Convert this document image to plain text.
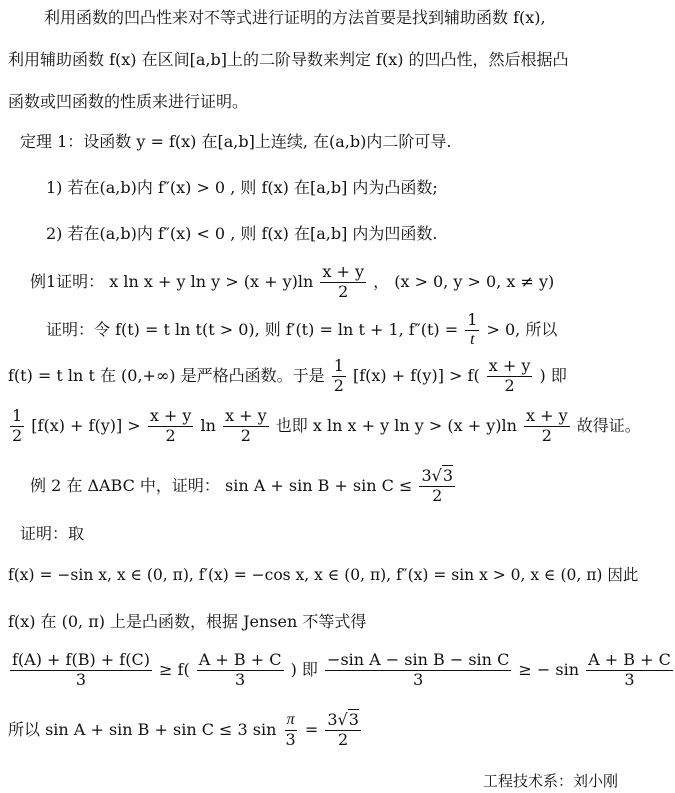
利用函数的凹凸性来对不等式进行证明的方法首要是找到辅助函数 f(x),
利用辅助函数 f(x) 在区间[a,b]上的二阶导数来判定 f(x) 的凹凸性，然后根据凸
函数或凹函数的性质来进行证明。
定理 1：设函数 y = f(x) 在[a,b]上连续, 在(a,b)内二阶可导.
1) 若在(a,b)内 f″(x) > 0 , 则 f(x) 在[a,b] 内为凸函数;
2) 若在(a,b)内 f″(x) < 0 , 则 f(x) 在[a,b] 内为凹函数.
例1证明： x ln x + y $\ln y > (x + y)\ln \frac{x + y}{2}$ ， (x > 0, y > 0, x ≠ y)
证明：令 f(t) = t ln t(t > 0), 则 f′(t) = ln t + 1, $f''(t) = \frac{1}{t} > 0$, 所以
f(t) = t ln t 在 (0,+∞) 是严格凸函数。于是 $\frac{1}{2} [f(x) + f(y)] > f( \frac{x + y}{2}$ ) 即
$\frac{1}{2} [f(x) + f(y)] > \frac{x + y}{2}$ $\ln \frac{x + y}{2}$ 也即 x ln x + y $\ln y > (x + y)\ln \frac{x + y}{2}$ 故得证。
例 2 在 ΔABC 中，证明： $\sin A + \sin B + \sin C \le \frac{3√3}{2}$
证明：取
f(x) = −sin x, x ∈ (0, π), f′(x) = −cos x, x ∈ (0, π), f″(x) = sin x > 0, x ∈ (0, π) 因此
f(x) 在 (0, π) 上是凸函数，根据 Jensen 不等式得
$\frac{f(A) + f(B) + f(C)}{3} \ge f( \frac{A + B + C}{3}$ ) 即 $\frac{\text{−sin A − sin B − sin C}}{3}$ ≥ − $\sin \frac{A + B + C}{3}$
所以 sin A + sin B + sin C ≤ 3 $\sin \frac{\pi}{3} = \frac{3√3}{2}$
工程技术系：刘小刚
